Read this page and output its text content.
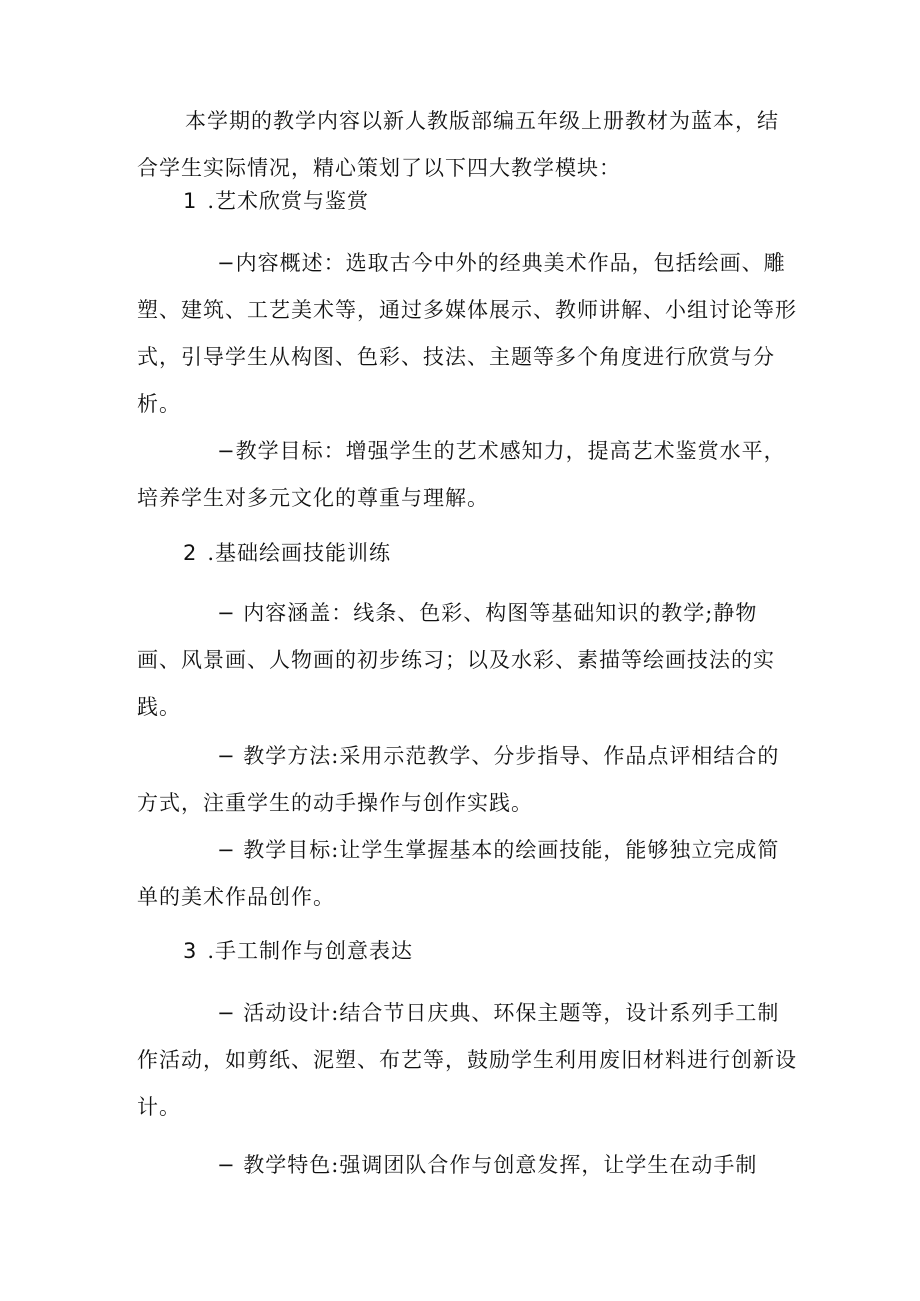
本学期的教学内容以新人教版部编五年级上册教材为蓝本，结合学生实际情况，精心策划了以下四大教学模块：

1 .艺术欣赏与鉴赏

−内容概述：选取古今中外的经典美术作品，包括绘画、雕塑、建筑、工艺美术等，通过多媒体展示、教师讲解、小组讨论等形式，引导学生从构图、色彩、技法、主题等多个角度进行欣赏与分析。

−教学目标：增强学生的艺术感知力，提高艺术鉴赏水平，培养学生对多元文化的尊重与理解。

2 .基础绘画技能训练

− 内容涵盖：线条、色彩、构图等基础知识的教学;静物画、风景画、人物画的初步练习；以及水彩、素描等绘画技法的实践。

− 教学方法:采用示范教学、分步指导、作品点评相结合的方式，注重学生的动手操作与创作实践。

− 教学目标:让学生掌握基本的绘画技能，能够独立完成简单的美术作品创作。

3 .手工制作与创意表达

− 活动设计:结合节日庆典、环保主题等，设计系列手工制作活动，如剪纸、泥塑、布艺等，鼓励学生利用废旧材料进行创新设计。

− 教学特色:强调团队合作与创意发挥，让学生在动手制
